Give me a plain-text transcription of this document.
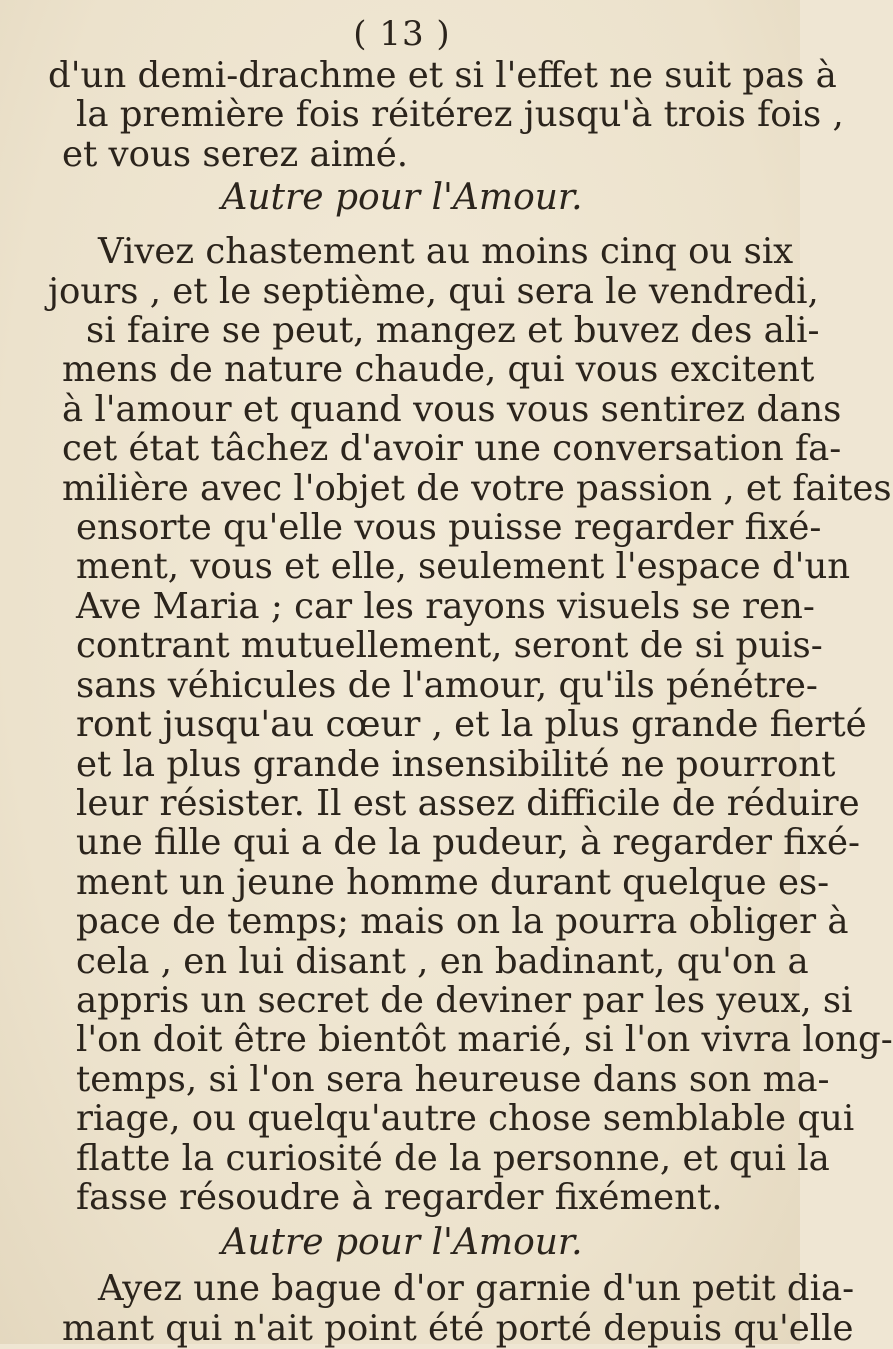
( 13 )
d'un demi-drachme et si l'effet ne suit pas à
la première fois réitérez jusqu'à trois fois ,
et vous serez aimé.
Autre pour l'Amour.
Vivez chastement au moins cinq ou six
jours , et le septième, qui sera le vendredi,
si faire se peut, mangez et buvez des ali-
mens de nature chaude, qui vous excitent
à l'amour et quand vous vous sentirez dans
cet état tâchez d'avoir une conversation fa-
milière avec l'objet de votre passion , et faites
ensorte qu'elle vous puisse regarder fixé-
ment, vous et elle, seulement l'espace d'un
Ave Maria ; car les rayons visuels se ren-
contrant mutuellement, seront de si puis-
sans véhicules de l'amour, qu'ils pénétre-
ront jusqu'au cœur , et la plus grande fierté
et la plus grande insensibilité ne pourront
leur résister. Il est assez difficile de réduire
une fille qui a de la pudeur, à regarder fixé-
ment un jeune homme durant quelque es-
pace de temps; mais on la pourra obliger à
cela , en lui disant , en badinant, qu'on a
appris un secret de deviner par les yeux, si
l'on doit être bientôt marié, si l'on vivra long-
temps, si l'on sera heureuse dans son ma-
riage, ou quelqu'autre chose semblable qui
flatte la curiosité de la personne, et qui la
fasse résoudre à regarder fixément.
Autre pour l'Amour.
Ayez une bague d'or garnie d'un petit dia-
mant qui n'ait point été porté depuis qu'elle
